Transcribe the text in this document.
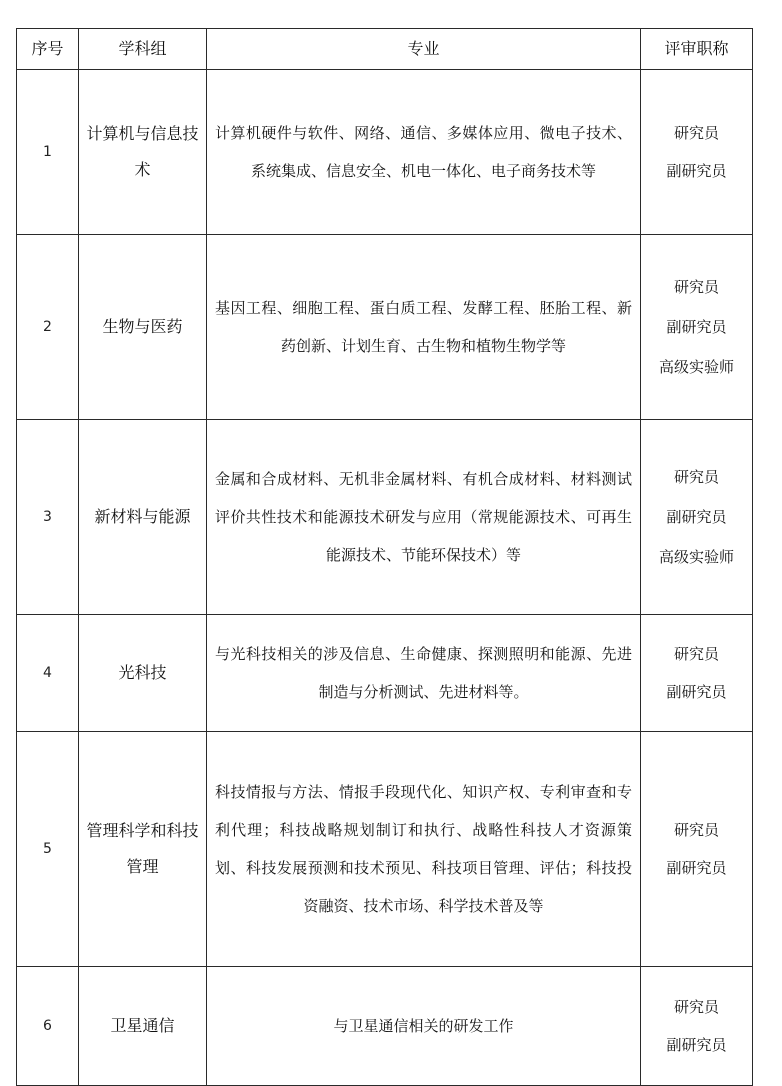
序号	学科组	专业	评审职称
1	计算机与信息技术	计算机硬件与软件、网络、通信、多媒体应用、微电子技术、系统集成、信息安全、机电一体化、电子商务技术等	研究员
副研究员

2	生物与医药	基因工程、细胞工程、蛋白质工程、发酵工程、胚胎工程、新药创新、计划生育、古生物和植物生物学等	研究员
副研究员
高级实验师

3	新材料与能源	金属和合成材料、无机非金属材料、有机合成材料、材料测试评价共性技术和能源技术研发与应用（常规能源技术、可再生能源技术、节能环保技术）等	研究员
副研究员
高级实验师

4	光科技	与光科技相关的涉及信息、生命健康、探测照明和能源、先进制造与分析测试、先进材料等。	研究员
副研究员

5	管理科学和科技管理	科技情报与方法、情报手段现代化、知识产权、专利审查和专利代理；科技战略规划制订和执行、战略性科技人才资源策划、科技发展预测和技术预见、科技项目管理、评估；科技投资融资、技术市场、科学技术普及等	研究员
副研究员

6	卫星通信	与卫星通信相关的研发工作	研究员
副研究员
